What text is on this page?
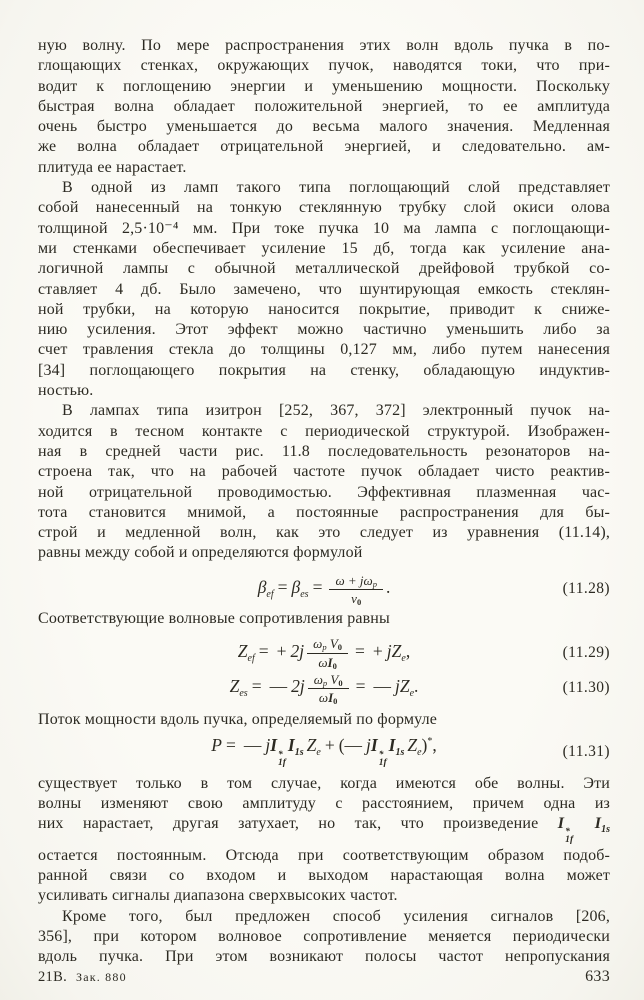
ную волну. По мере распространения этих волн вдоль пучка в по-
глощающих стенках, окружающих пучок, наводятся токи, что при-
водит к поглощению энергии и уменьшению мощности. Поскольку
быстрая волна обладает положительной энергией, то ее амплитуда
очень быстро уменьшается до весьма малого значения. Медленная
же волна обладает отрицательной энергией, и следовательно. ам-
плитуда ее нарастает.
В одной из ламп такого типа поглощающий слой представляет
собой нанесенный на тонкую стеклянную трубку слой окиси олова
толщиной 2,5·10⁻⁴ мм. При токе пучка 10 ма лампа с поглощающи-
ми стенками обеспечивает усиление 15 дб, тогда как усиление ана-
логичной лампы с обычной металлической дрейфовой трубкой со-
ставляет 4 дб. Было замечено, что шунтирующая емкость стеклян-
ной трубки, на которую наносится покрытие, приводит к сниже-
нию усиления. Этот эффект можно частично уменьшить либо за
счет травления стекла до толщины 0,127 мм, либо путем нанесения
[34] поглощающего покрытия на стенку, обладающую индуктив-
ностью.
В лампах типа изитрон [252, 367, 372] электронный пучок на-
ходится в тесном контакте с периодической структурой. Изображен-
ная в средней части рис. 11.8 последовательность резонаторов на-
строена так, что на рабочей частоте пучок обладает чисто реактив-
ной отрицательной проводимостью. Эффективная плазменная час-
тота становится мнимой, а постоянные распространения для бы-
строй и медленной волн, как это следует из уравнения (11.14),
равны между собой и определяются формулой
$\beta_{ef} = \beta_{es} = \frac{\omega + j\omega_p}{v_0}$ .	(11.28)
Соответствующие волновые сопротивления равны
$Z_{ef}$ = + $2j \frac{\omega_p V_0}{\omega I_0}$ = + $jZ_e$,	(11.29)
$Z_{es}$ = — $2j \frac{\omega_p V_0}{\omega I_0}$ = — $jZ_e$.	(11.30)
Поток мощности вдоль пучка, определяемый по формуле
P = — jI *
1f
$I_{1s}$ $Z_e$ + (— jI *
1f
$I_{1s}$ $Z_e)^*$,	(11.31)
существует только в том случае, когда имеются обе волны. Эти
волны изменяют свою амплитуду с расстоянием, причем одна из
них нарастает, другая затухает, но так, что произведение I *
1f
$I_{1s}$
остается постоянным. Отсюда при соответствующим образом подоб-
ранной связи со входом и выходом нарастающая волна может
усиливать сигналы диапазона сверхвысоких частот.
Кроме того, был предложен способ усиления сигналов [206,
356], при котором волновое сопротивление меняется периодически
вдоль пучка. При этом возникают полосы частот непропускания
21В. Зак. 880	633
